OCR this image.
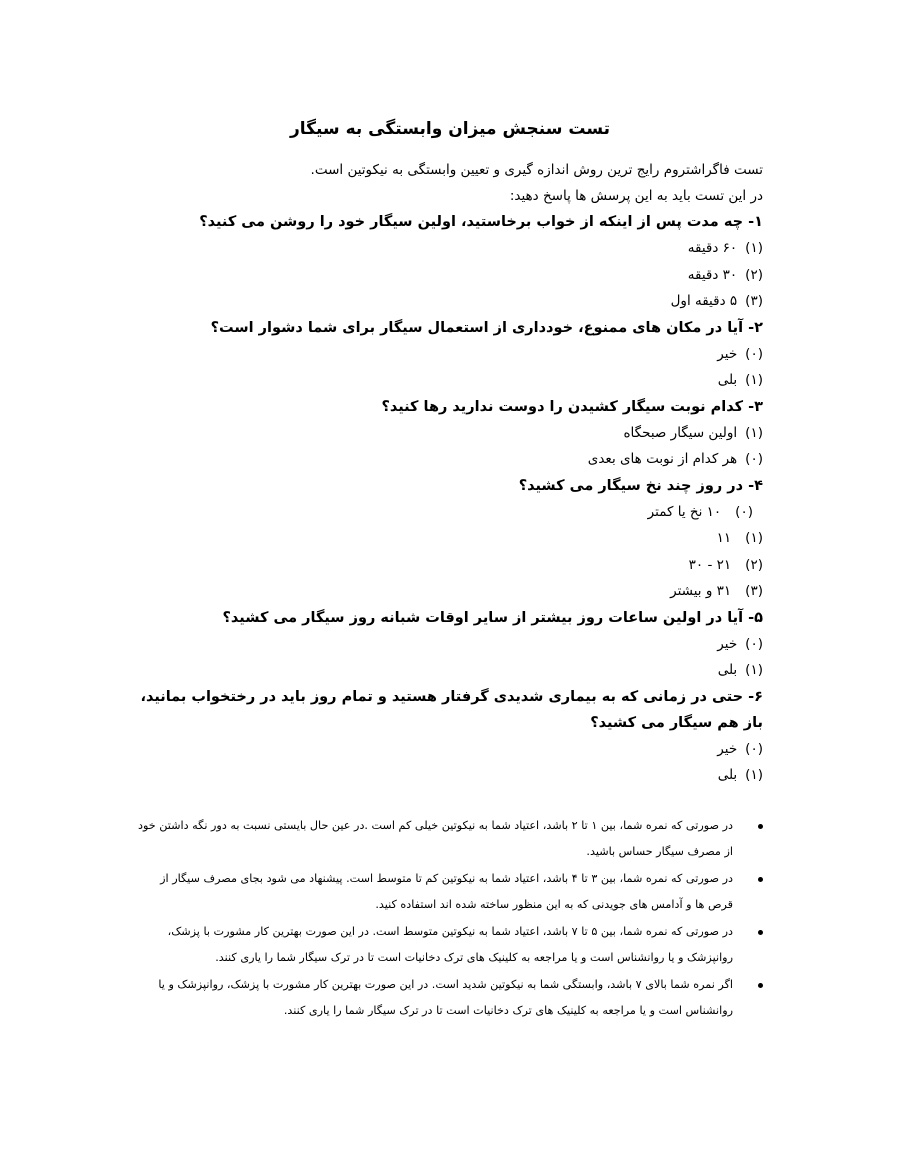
تست سنجش میزان وابستگی به سیگار

تست فاگراشتروم رایج ترین روش اندازه گیری و تعیین وابستگی به نیکوتین است.

در این تست باید به این پرسش ها پاسخ دهید:

۱- چه مدت پس از اینکه از خواب برخاستید، اولین سیگار خود را روشن می کنید؟

(۱)
۶۰ دقیقه

(۲)
۳۰ دقیقه

(۳)
۵ دقیقه اول

۲- آیا در مکان های ممنوع، خودداری از استعمال سیگار برای شما دشوار است؟

(۰)
خیر

(۱)
بلی

۳- کدام نوبت سیگار کشیدن را دوست ندارید رها کنید؟

(۱)
اولین سیگار صبحگاه

(۰)
هر کدام از نوبت های بعدی

۴- در روز چند نخ سیگار می کشید؟

(۰)
۱۰ نخ یا کمتر

(۱)
۱۱

(۲)
۲۱ - ۳۰

(۳)
۳۱ و بیشتر

۵- آیا در اولین ساعات روز بیشتر از سایر اوقات شبانه روز سیگار می کشید؟

(۰)
خیر

(۱)
بلی

۶- حتی در زمانی که به بیماری شدیدی گرفتار هستید و تمام روز باید در رختخواب بمانید، باز هم سیگار می کشید؟

(۰)
خیر

(۱)
بلی

در صورتی که نمره شما، بین ۱ تا ۲ باشد، اعتیاد شما به نیکوتین خیلی کم است .در عین حال بایستی نسبت به دور نگه داشتن خود از مصرف سیگار حساس باشید.
در صورتی که نمره شما، بین ۳ تا ۴ باشد، اعتیاد شما به نیکوتین کم تا متوسط است. پیشنهاد می شود بجای مصرف سیگار از قرص ها و آدامس های جویدنی که به این منظور ساخته شده اند استفاده کنید.
در صورتی که نمره شما، بین ۵ تا ۷ باشد، اعتیاد شما به نیکوتین متوسط است. در این صورت بهترین کار مشورت با پزشک، روانپزشک و یا روانشناس است و یا مراجعه به کلینیک های ترک دخانیات است تا در ترک سیگار شما را یاری کنند.
اگر نمره شما بالای ۷ باشد، وابستگی شما به نیکوتین شدید است. در این صورت بهترین کار مشورت با پزشک، روانپزشک و یا روانشناس است و یا مراجعه به کلینیک های ترک دخانیات است تا در ترک سیگار شما را یاری کنند.
